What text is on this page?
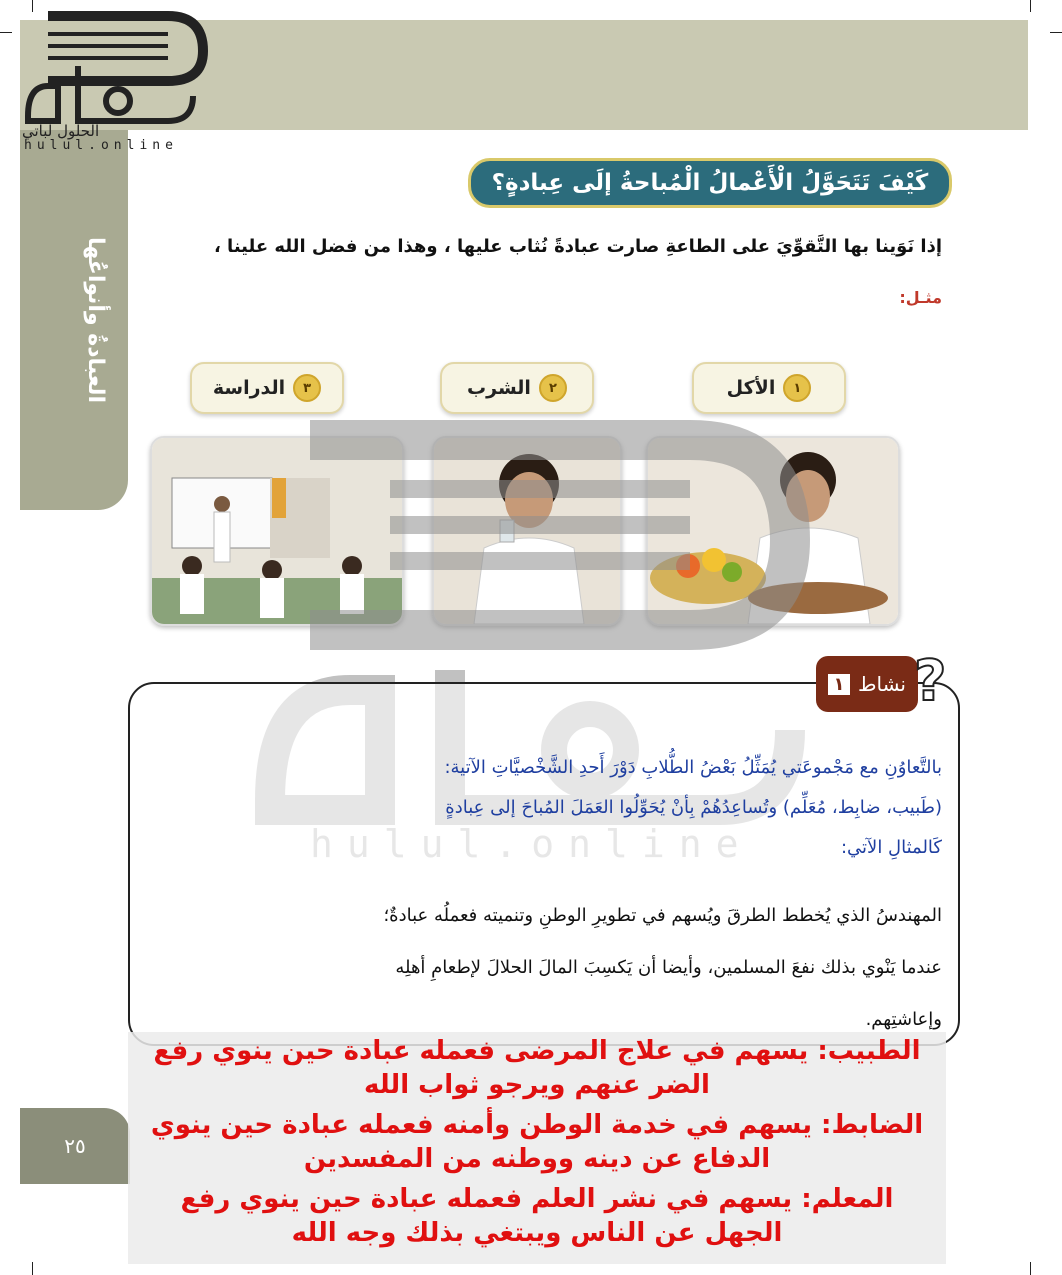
العبادةُ وأنواعُها
الحلول لباتي
hulul.online
كَيْفَ تَتَحَوَّلُ الْأَعْمالُ الْمُباحةُ إلَى عِبادةٍ؟
إذا نَوَينا بها التَّقوِّيَ على الطاعةِ صارت عبادةً نُثاب عليها ، وهذا من فضل الله علينا ،
مثـل:
١
الأكل
٢
الشرب
٣
الدراسة
نشاط
١ ?
بالتَّعاوُنِ مع مَجْموعَتي يُمَثِّلُ بَعْضُ الطُّلابِ دَوْرَ أَحدِ الشَّخْصيَّاتِ الآتية:
(طَبيب، ضابِط، مُعَلِّم) وتُساعِدُهُمْ بِأنْ يُحَوِّلُوا العَمَلَ المُباحَ إلى عِبادةٍ
كَالمثالِ الآتي:
المهندسُ الذي يُخطط الطرقَ ويُسهم في تطويرِ الوطنِ وتنميته فعملُه عبادةٌ؛
عندما يَنْوي بذلك نفعَ المسلمين، وأيضا أن يَكسِبَ المالَ الحلالَ لإطعامِ أهلِه
وإعاشتِهم.
٢٥
الطبيب: يسهم في علاج المرضى فعمله عبادة حين ينوي رفع الضر عنهم ويرجو ثواب الله
الضابط: يسهم في خدمة الوطن وأمنه فعمله عبادة حين ينوي الدفاع عن دينه ووطنه من المفسدين
المعلم: يسهم في نشر العلم فعمله عبادة حين ينوي رفع الجهل عن الناس ويبتغي بذلك وجه الله
